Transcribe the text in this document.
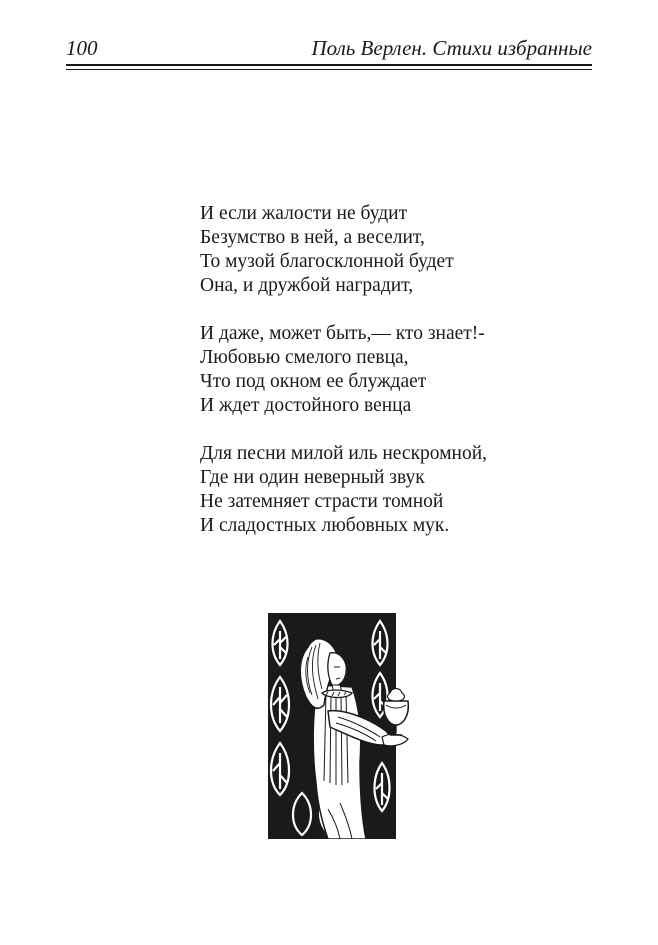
100	Поль Верлен. Стихи избранные
И если жалости не будит
Безумство в ней, а веселит,
То музой благосклонной будет
Она, и дружбой наградит,
И даже, может быть,— кто знает!-
Любовью смелого певца,
Что под окном ее блуждает
И ждет достойного венца
Для песни милой иль нескромной,
Где ни один неверный звук
Не затемняет страсти томной
И сладостных любовных мук.
